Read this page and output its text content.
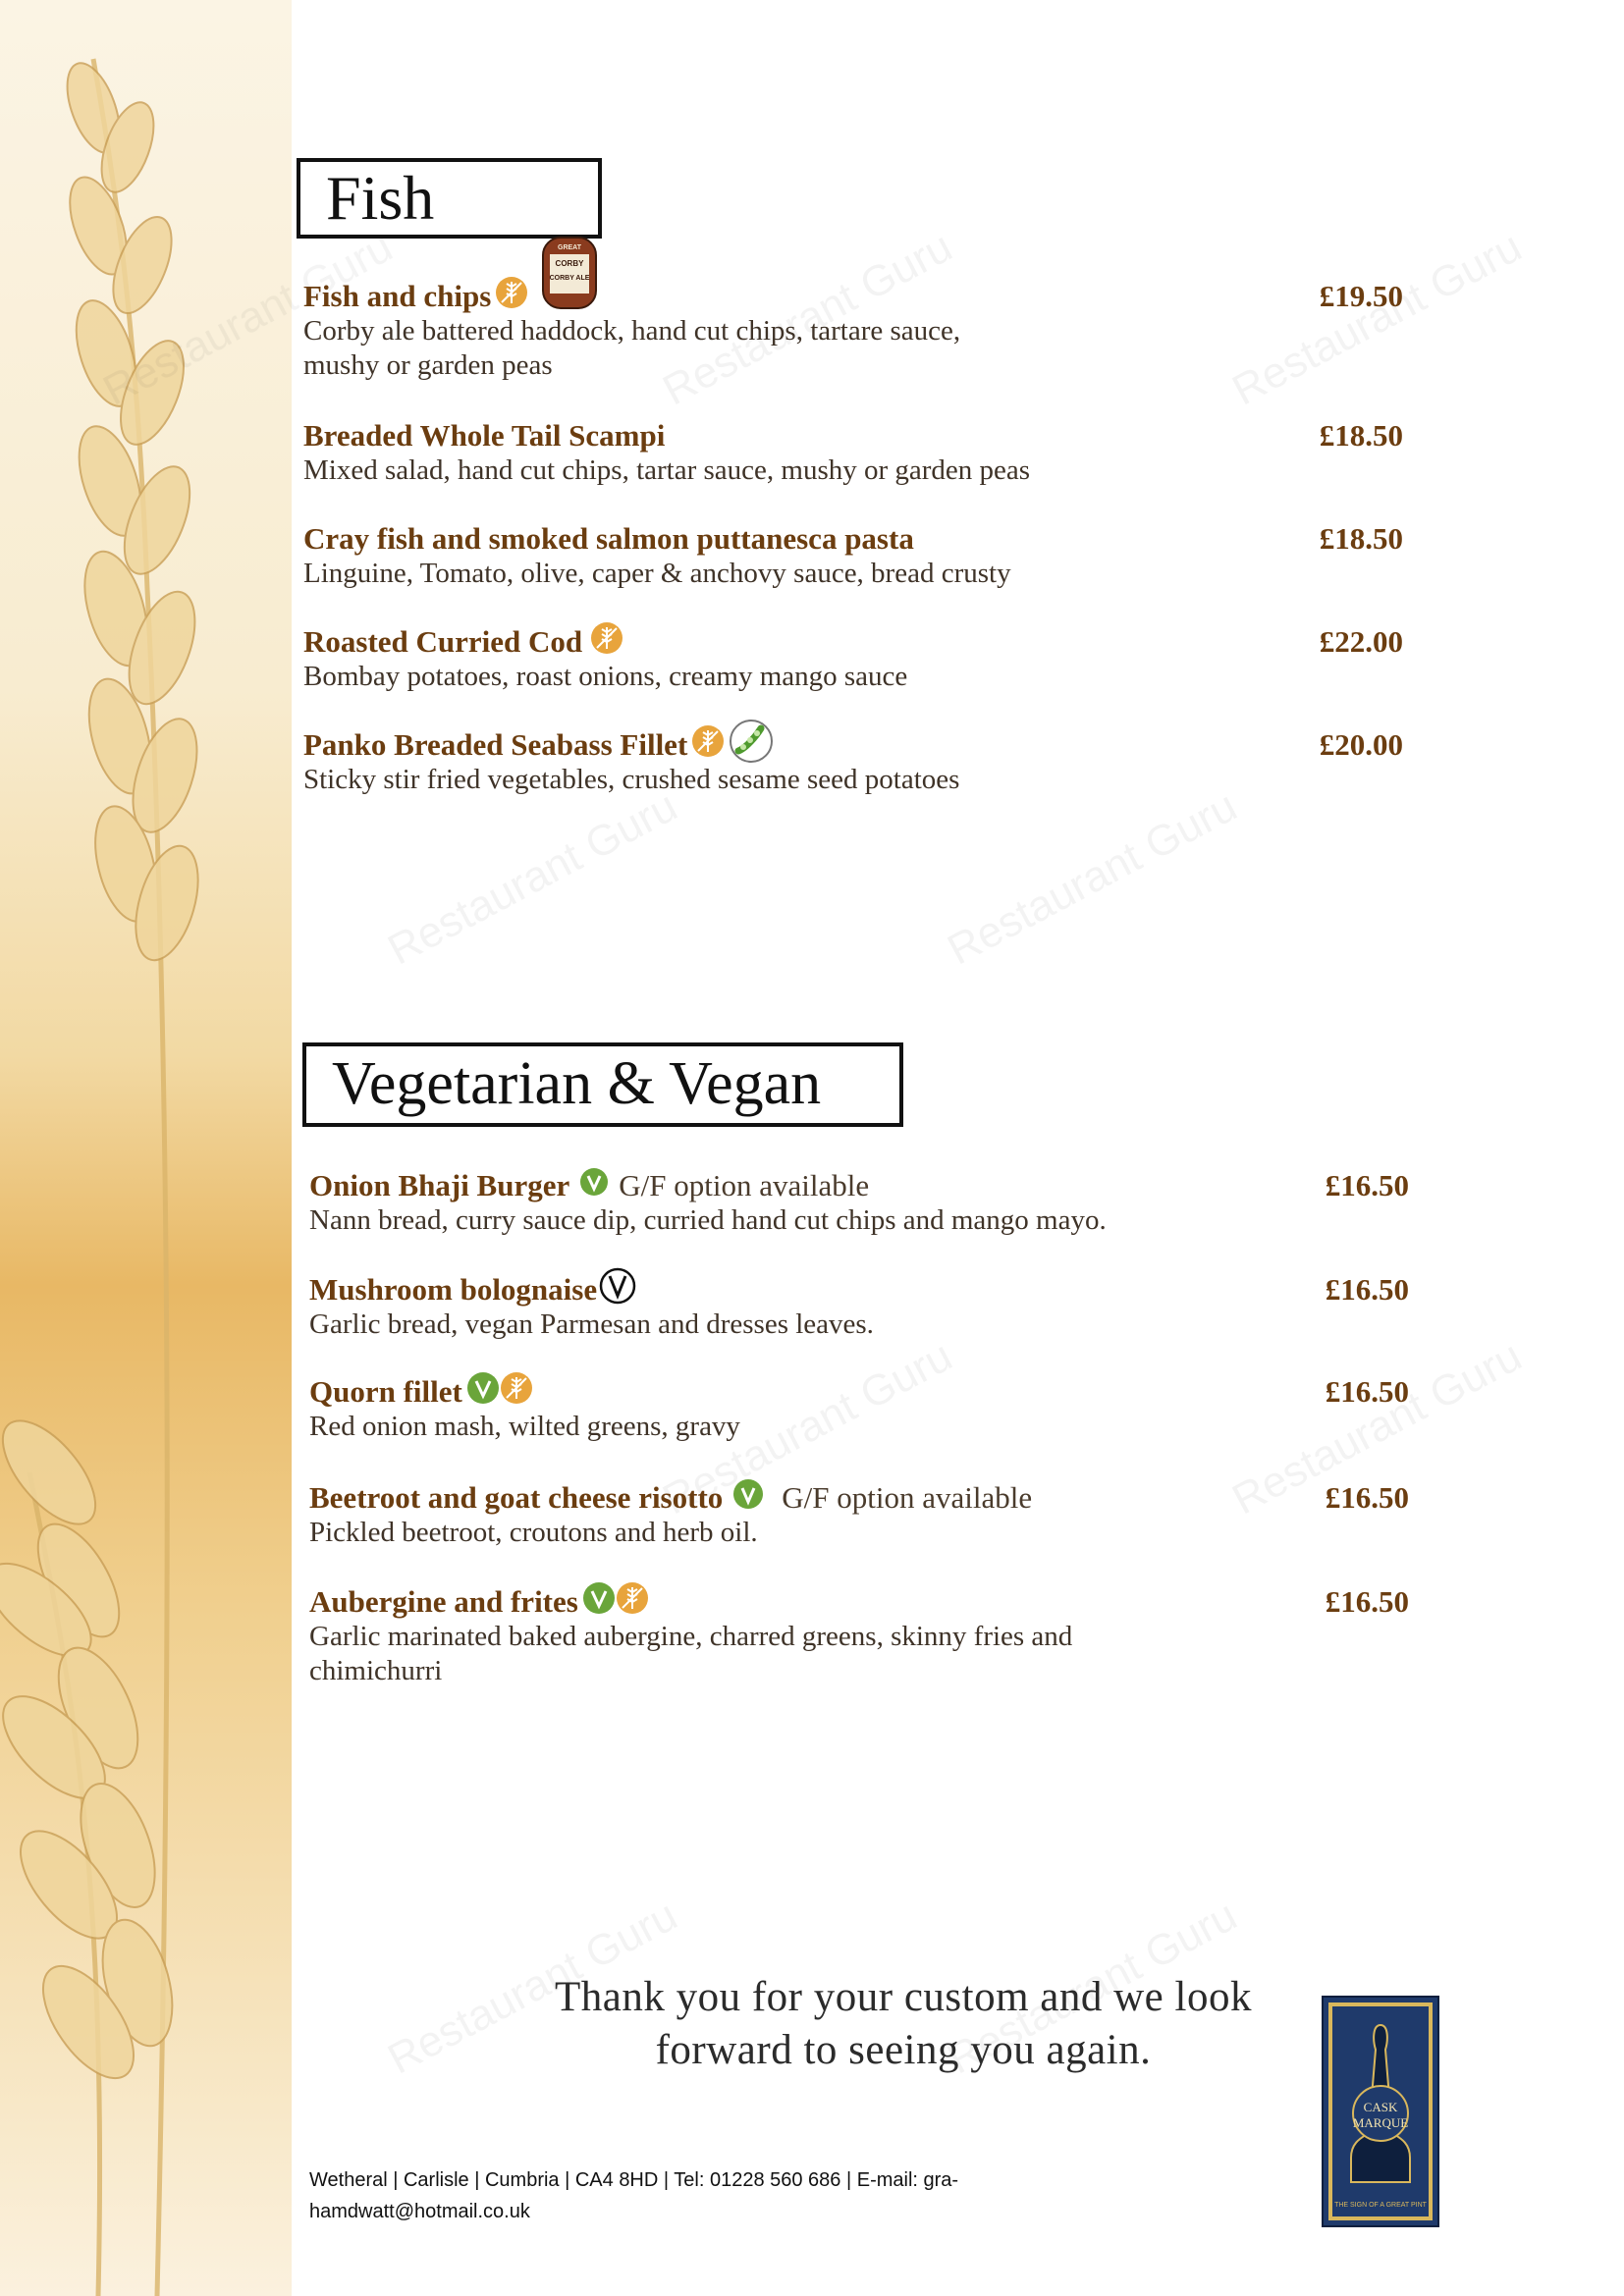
Fish
Fish and chips
GREAT
CORBY
CORBY ALE
Corby ale battered haddock, hand cut chips, tartare sauce,
mushy or garden peas
£19.50
Breaded Whole Tail Scampi
Mixed salad, hand cut chips, tartar sauce, mushy or garden peas
£18.50
Cray fish and smoked salmon puttanesca pasta
Linguine, Tomato, olive, caper & anchovy sauce, bread crusty
£18.50
Roasted Curried Cod
Bombay potatoes, roast onions, creamy mango sauce
£22.00
Panko Breaded Seabass Fillet
Sticky stir fried vegetables, crushed sesame seed potatoes
£20.00
Vegetarian & Vegan
Onion Bhaji Burger G/F option available
Nann bread, curry sauce dip, curried hand cut chips and mango mayo.
£16.50
Mushroom bolognaise
Garlic bread, vegan Parmesan and dresses leaves.
£16.50
Quorn fillet
Red onion mash, wilted greens, gravy
£16.50
Beetroot and goat cheese risotto G/F option available
Pickled beetroot, croutons and herb oil.
£16.50
Aubergine and frites
Garlic marinated baked aubergine, charred greens, skinny fries and
chimichurri
£16.50
Thank you for your custom and we look
forward to seeing you again.
Wetheral | Carlisle | Cumbria | CA4 8HD | Tel: 01228 560 686 | E-mail: gra-
hamdwatt@hotmail.co.uk
CASK
MARQUE
THE SIGN OF A GREAT PINT
